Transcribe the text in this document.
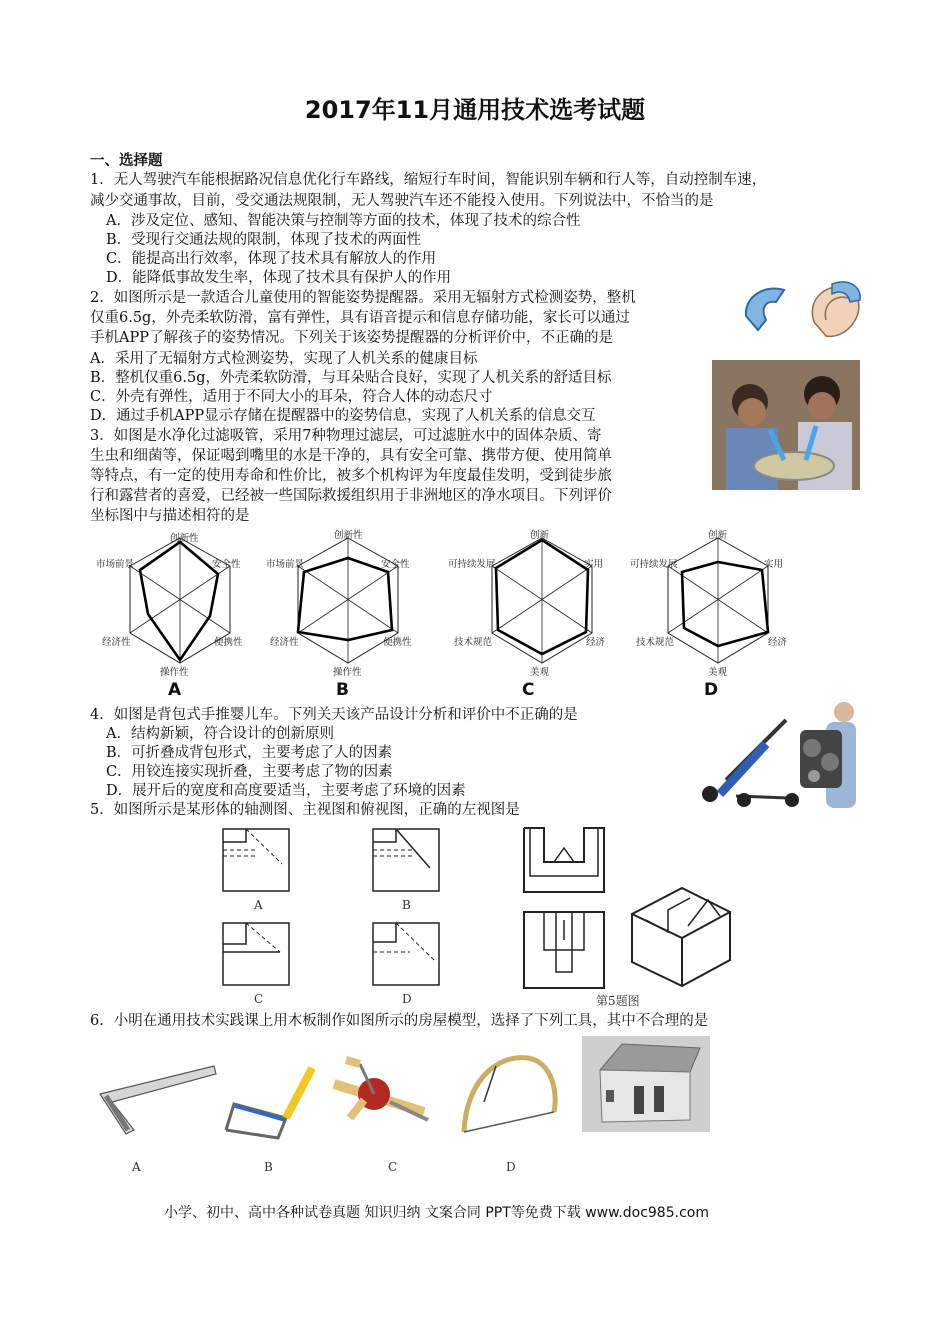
2017年11月通用技术选考试题
一、选择题
1．无人驾驶汽车能根据路况信息优化行车路线，缩短行车时间，智能识别车辆和行人等，自动控制车速，
减少交通事故，目前，受交通法规限制，无人驾驶汽车还不能投入使用。下列说法中，不恰当的是
A．涉及定位、感知、智能决策与控制等方面的技术，体现了技术的综合性
B．受现行交通法规的限制，体现了技术的两面性
C．能提高出行效率，体现了技术具有解放人的作用
D．能降低事故发生率，体现了技术具有保护人的作用
2．如图所示是一款适合儿童使用的智能姿势提醒器。采用无辐射方式检测姿势，整机
仅重6.5g，外壳柔软防滑，富有弹性，具有语音提示和信息存储功能，家长可以通过
手机APP了解孩子的姿势情况。下列关于该姿势提醒器的分析评价中，不正确的是
A．采用了无辐射方式检测姿势，实现了人机关系的健康目标
B．整机仅重6.5g，外壳柔软防滑，与耳朵贴合良好，实现了人机关系的舒适目标
C．外壳有弹性，适用于不同大小的耳朵，符合人体的动态尺寸
D．通过手机APP显示存储在提醒器中的姿势信息，实现了人机关系的信息交互
3．如图是水净化过滤吸管，采用7种物理过滤层，可过滤脏水中的固体杂质、寄
生虫和细菌等，保证喝到嘴里的水是干净的，具有安全可靠、携带方便、使用简单
等特点，有一定的使用寿命和性价比，被多个机构评为年度最佳发明，受到徒步旅
行和露营者的喜爱，已经被一些国际救援组织用于非洲地区的净水项目。下列评价
坐标图中与描述相符的是
创新性
安全性
便携性
操作性
经济性
市场前景
A
创新性
安全性
便携性
操作性
经济性
市场前景
B
创新
实用
经济
美观
技术规范
可持续发展
C
创新
实用
经济
美观
技术规范
可持续发展
D
4．如图是背包式手推婴儿车。下列关天该产品设计分析和评价中不正确的是
A．结构新颖，符合设计的创新原则
B．可折叠成背包形式，主要考虑了人的因素
C．用铰连接实现折叠，主要考虑了物的因素
D．展开后的宽度和高度要适当，主要考虑了环境的因素
5．如图所示是某形体的轴测图、主视图和俯视图，正确的左视图是
A	B
C	D	第5题图
6．小明在通用技术实践课上用木板制作如图所示的房屋模型，选择了下列工具，其中不合理的是
A	B	C	D
小学、初中、高中各种试卷真题 知识归纳 文案合同 PPT等免费下载 www.doc985.com
